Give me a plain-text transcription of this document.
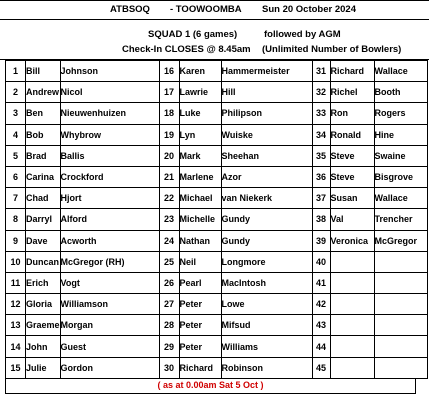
ATBSOQ - TOOWOOMBA Sun 20 October 2024
SQUAD 1 (6 games)	followed by AGM
Check-In CLOSES @ 8.45am (Unlimited Number of Bowlers)
1	Bill	Johnson	16	Karen	Hammermeister	31	Richard	Wallace
2	Andrew	Nicol	17	Lawrie	Hill	32	Richel	Booth
3	Ben	Nieuwenhuizen	18	Luke	Philipson	33	Ron	Rogers
4	Bob	Whybrow	19	Lyn	Wuiske	34	Ronald	Hine
5	Brad	Ballis	20	Mark	Sheehan	35	Steve	Swaine
6	Carina	Crockford	21	Marlene	Azor	36	Steve	Bisgrove
7	Chad	Hjort	22	Michael	van Niekerk	37	Susan	Wallace
8	Darryl	Alford	23	Michelle	Gundy	38	Val	Trencher
9	Dave	Acworth	24	Nathan	Gundy	39	Veronica	McGregor
10	Duncan	McGregor (RH)	25	Neil	Longmore	40		
11	Erich	Vogt	26	Pearl	MacIntosh	41		
12	Gloria	Williamson	27	Peter	Lowe	42		
13	Graeme	Morgan	28	Peter	Mifsud	43		
14	John	Guest	29	Peter	Williams	44		
15	Julie	Gordon	30	Richard	Robinson	45		
( as at 0.00am Sat 5 Oct )
